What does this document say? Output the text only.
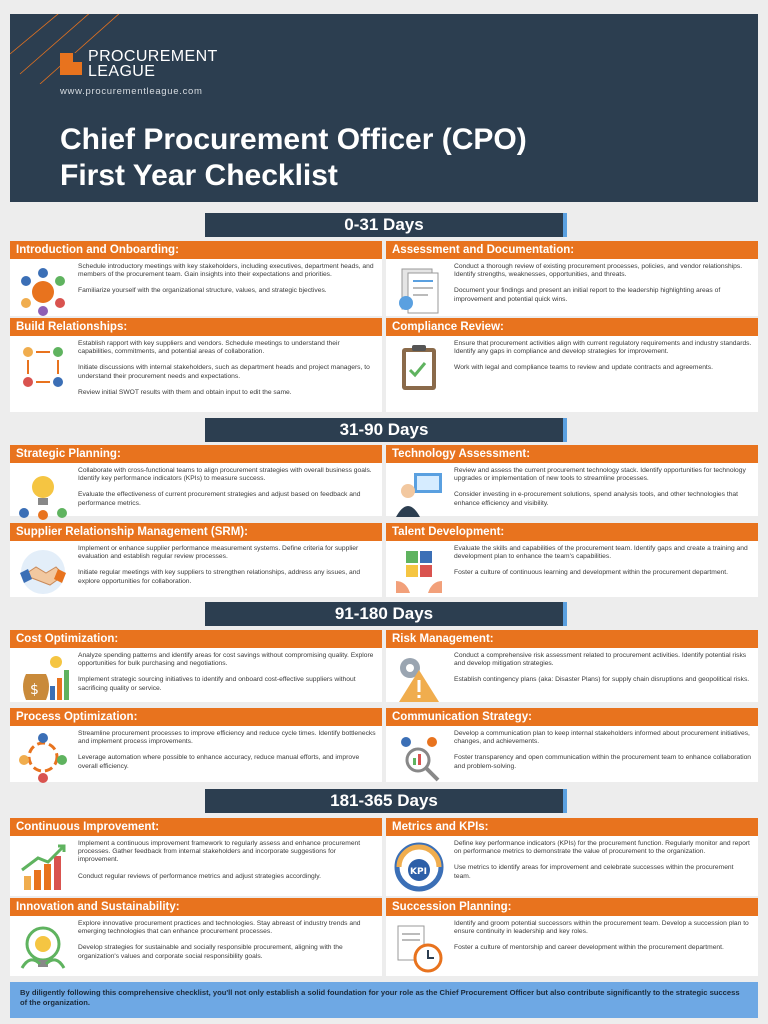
PROCUREMENT
LEAGUE
www.procurementleague.com
Chief Procurement Officer (CPO)
First Year Checklist
0-31 Days
31-90 Days
91-180 Days
181-365 Days
Introduction and Onboarding:

Schedule introductory meetings with key stakeholders, including executives, department heads, and members of the procurement team. Gain insights into their expectations and priorities.

Familiarize yourself with the organizational structure, values, and strategic bjectives.

Assessment and Documentation:

Conduct a thorough review of existing procurement processes, policies, and vendor relationships. Identify strengths, weaknesses, opportunities, and threats.

Document your findings and present an initial report to the leadership highlighting areas of improvement and potential quick wins.

Build Relationships:

Establish rapport with key suppliers and vendors. Schedule meetings to understand their capabilities, commitments, and potential areas of collaboration.

Initiate discussions with internal stakeholders, such as department heads and project managers, to understand their procurement needs and expectations.

Review initial SWOT results with them and obtain input to edit the same.

Compliance Review:

Ensure that procurement activities align with current regulatory requirements and industry standards. Identify any gaps in compliance and develop strategies for improvement.

Work with legal and compliance teams to review and update contracts and agreements.

Strategic Planning:

Collaborate with cross-functional teams to align procurement strategies with overall business goals. Identify key performance indicators (KPIs) to measure success.

Evaluate the effectiveness of current procurement strategies and adjust based on feedback and performance metrics.

Technology Assessment:

Review and assess the current procurement technology stack. Identify opportunities for technology upgrades or implementation of new tools to streamline processes.

Consider investing in e-procurement solutions, spend analysis tools, and other technologies that enhance efficiency and visibility.

Supplier Relationship Management (SRM):

Implement or enhance supplier performance measurement systems. Define criteria for supplier evaluation and establish regular review processes.

Initiate regular meetings with key suppliers to strengthen relationships, address any issues, and explore opportunities for collaboration.

Talent Development:

Evaluate the skills and capabilities of the procurement team. Identify gaps and create a training and development plan to enhance the team's capabilities.

Foster a culture of continuous learning and development within the procurement department.

Cost Optimization:
$

Analyze spending patterns and identify areas for cost savings without compromising quality. Explore opportunities for bulk purchasing and negotiations.

Implement strategic sourcing initiatives to identify and onboard cost-effective suppliers without sacrificing quality or service.

Risk Management:

Conduct a comprehensive risk assessment related to procurement activities. Identify potential risks and develop mitigation strategies.

Establish contingency plans (aka: Disaster Plans) for supply chain disruptions and geopolitical risks.

Process Optimization:

Streamline procurement processes to improve efficiency and reduce cycle times. Identify bottlenecks and implement process improvements.

Leverage automation where possible to enhance accuracy, reduce manual efforts, and improve overall efficiency.

Communication Strategy:

Develop a communication plan to keep internal stakeholders informed about procurement initiatives, changes, and achievements.

Foster transparency and open communication within the procurement team to enhance collaboration and problem-solving.

Continuous Improvement:

Implement a continuous improvement framework to regularly assess and enhance procurement processes. Gather feedback from internal stakeholders and incorporate suggestions for improvement.

Conduct regular reviews of performance metrics and adjust strategies accordingly.

Metrics and KPIs:
KPI

Define key performance indicators (KPIs) for the procurement function. Regularly monitor and report on performance metrics to demonstrate the value of procurement to the organization.

Use metrics to identify areas for improvement and celebrate successes within the procurement team.

Innovation and Sustainability:

Explore innovative procurement practices and technologies. Stay abreast of industry trends and emerging technologies that can enhance procurement processes.

Develop strategies for sustainable and socially responsible procurement, aligning with the organization's values and corporate social responsibility goals.

Succession Planning:

Identify and groom potential successors within the procurement team. Develop a succession plan to ensure continuity in leadership and key roles.

Foster a culture of mentorship and career development within the procurement department.

By diligently following this comprehensive checklist, you'll not only establish a solid foundation for your role as the Chief Procurement Officer but also contribute significantly to the strategic success of the organization.
